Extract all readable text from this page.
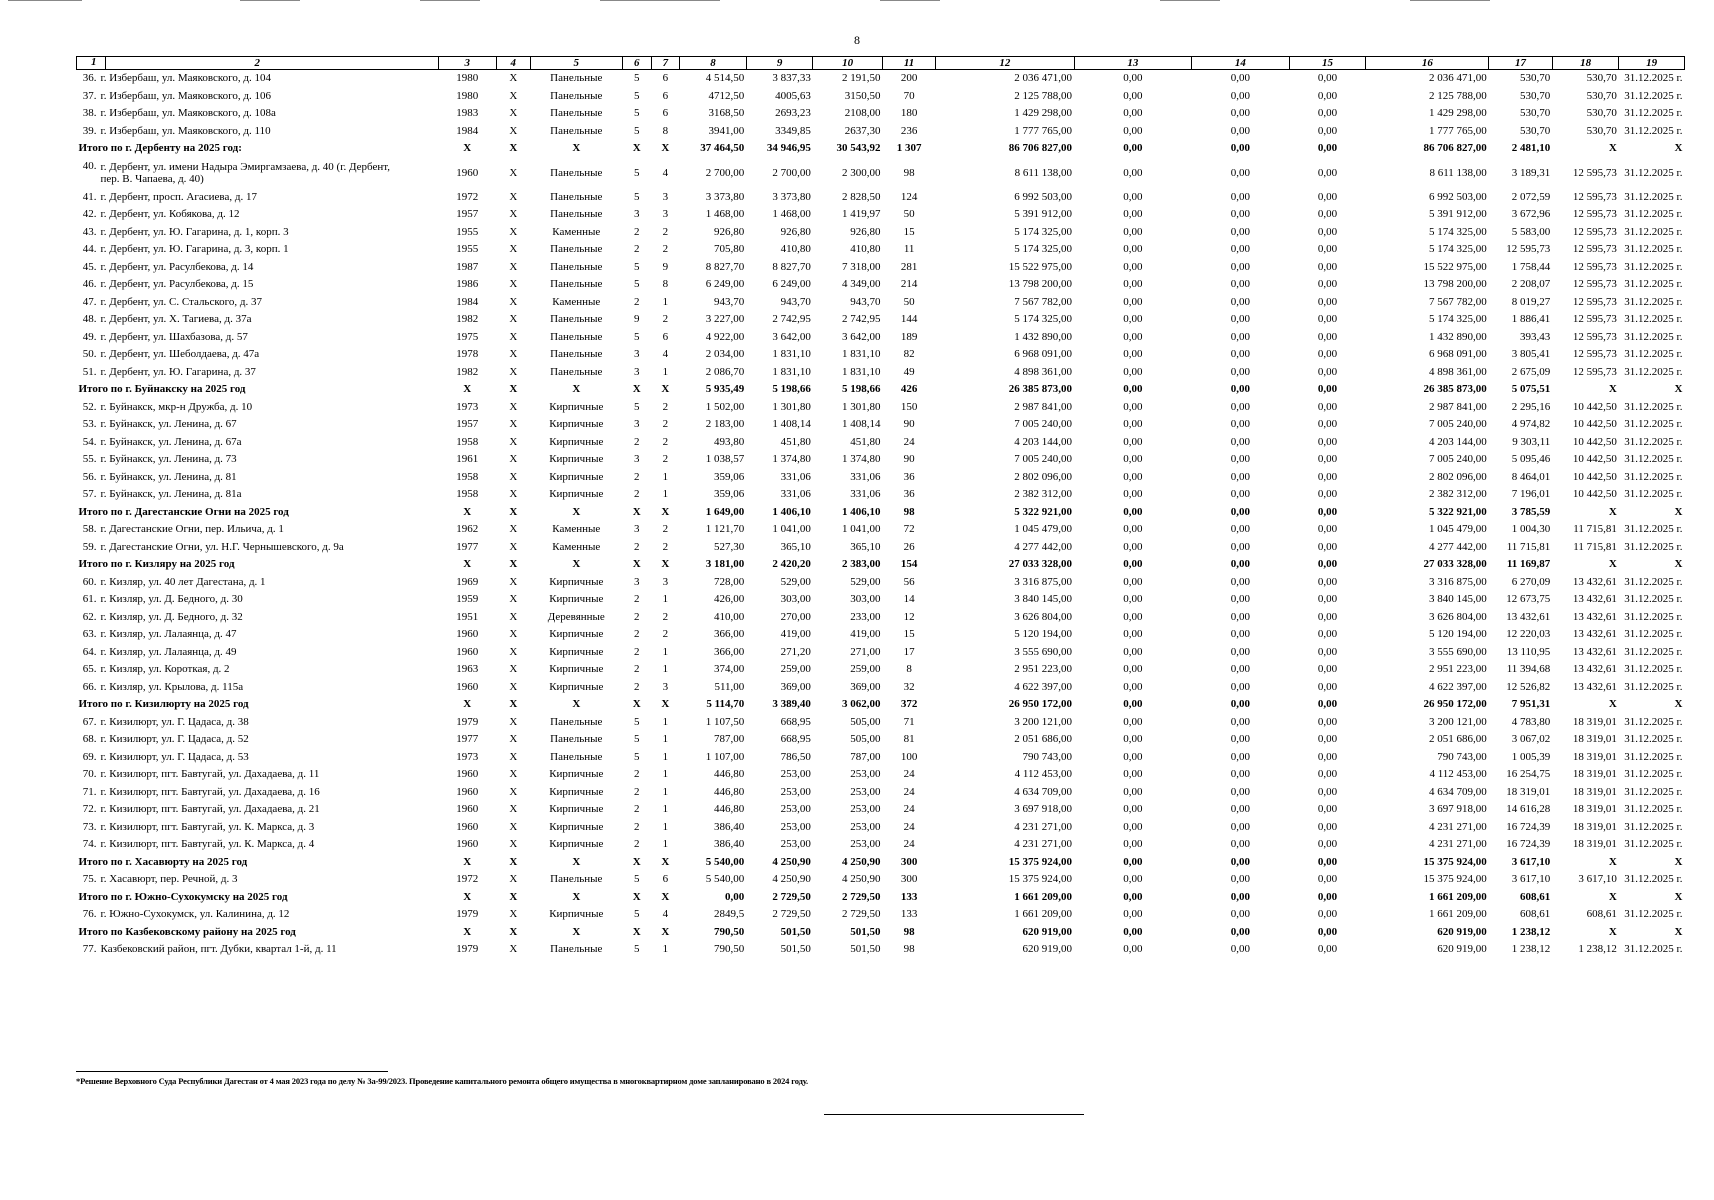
8
1 2	3	4	5	6	7	8	9	10	11	12	13	14	15	16	17	18	19
36. г. Избербаш, ул. Маяковского, д. 104	1980	X	Панельные	5	6	4 514,50	3 837,33	2 191,50	200	2 036 471,00	0,00	0,00	0,00	2 036 471,00	530,70	530,70	31.12.2025 г.
37. г. Избербаш, ул. Маяковского, д. 106	1980	X	Панельные	5	6	4712,50	4005,63	3150,50	70	2 125 788,00	0,00	0,00	0,00	2 125 788,00	530,70	530,70	31.12.2025 г.
38. г. Избербаш, ул. Маяковского, д. 108а	1983	X	Панельные	5	6	3168,50	2693,23	2108,00	180	1 429 298,00	0,00	0,00	0,00	1 429 298,00	530,70	530,70	31.12.2025 г.
39. г. Избербаш, ул. Маяковского, д. 110	1984	X	Панельные	5	8	3941,00	3349,85	2637,30	236	1 777 765,00	0,00	0,00	0,00	1 777 765,00	530,70	530,70	31.12.2025 г.
Итого по г. Дербенту на 2025 год:	X	X	X	X	X	37 464,50	34 946,95	30 543,92	1 307	86 706 827,00	0,00	0,00	0,00	86 706 827,00	2 481,10	X	X
40. г. Дербент, ул. имени Надыра Эмиргамзаева, д. 40 (г. Дербент, пер. В. Чапаева, д. 40)	1960	X	Панельные	5	4	2 700,00	2 700,00	2 300,00	98	8 611 138,00	0,00	0,00	0,00	8 611 138,00	3 189,31	12 595,73	31.12.2025 г.
41. г. Дербент, просп. Агасиева, д. 17	1972	X	Панельные	5	3	3 373,80	3 373,80	2 828,50	124	6 992 503,00	0,00	0,00	0,00	6 992 503,00	2 072,59	12 595,73	31.12.2025 г.
42. г. Дербент, ул. Кобякова, д. 12	1957	X	Панельные	3	3	1 468,00	1 468,00	1 419,97	50	5 391 912,00	0,00	0,00	0,00	5 391 912,00	3 672,96	12 595,73	31.12.2025 г.
43. г. Дербент, ул. Ю. Гагарина, д. 1, корп. 3	1955	X	Каменные	2	2	926,80	926,80	926,80	15	5 174 325,00	0,00	0,00	0,00	5 174 325,00	5 583,00	12 595,73	31.12.2025 г.
44. г. Дербент, ул. Ю. Гагарина, д. 3, корп. 1	1955	X	Панельные	2	2	705,80	410,80	410,80	11	5 174 325,00	0,00	0,00	0,00	5 174 325,00	12 595,73	12 595,73	31.12.2025 г.
45. г. Дербент, ул. Расулбекова, д. 14	1987	X	Панельные	5	9	8 827,70	8 827,70	7 318,00	281	15 522 975,00	0,00	0,00	0,00	15 522 975,00	1 758,44	12 595,73	31.12.2025 г.
46. г. Дербент, ул. Расулбекова, д. 15	1986	X	Панельные	5	8	6 249,00	6 249,00	4 349,00	214	13 798 200,00	0,00	0,00	0,00	13 798 200,00	2 208,07	12 595,73	31.12.2025 г.
47. г. Дербент, ул. С. Стальского, д. 37	1984	X	Каменные	2	1	943,70	943,70	943,70	50	7 567 782,00	0,00	0,00	0,00	7 567 782,00	8 019,27	12 595,73	31.12.2025 г.
48. г. Дербент, ул. Х. Тагиева, д. 37а	1982	X	Панельные	9	2	3 227,00	2 742,95	2 742,95	144	5 174 325,00	0,00	0,00	0,00	5 174 325,00	1 886,41	12 595,73	31.12.2025 г.
49. г. Дербент, ул. Шахбазова, д. 57	1975	X	Панельные	5	6	4 922,00	3 642,00	3 642,00	189	1 432 890,00	0,00	0,00	0,00	1 432 890,00	393,43	12 595,73	31.12.2025 г.
50. г. Дербент, ул. Шеболдаева, д. 47а	1978	X	Панельные	3	4	2 034,00	1 831,10	1 831,10	82	6 968 091,00	0,00	0,00	0,00	6 968 091,00	3 805,41	12 595,73	31.12.2025 г.
51. г. Дербент, ул. Ю. Гагарина, д. 37	1982	X	Панельные	3	1	2 086,70	1 831,10	1 831,10	49	4 898 361,00	0,00	0,00	0,00	4 898 361,00	2 675,09	12 595,73	31.12.2025 г.
Итого по г. Буйнакску на 2025 год	X	X	X	X	X	5 935,49	5 198,66	5 198,66	426	26 385 873,00	0,00	0,00	0,00	26 385 873,00	5 075,51	X	X
52. г. Буйнакск, мкр-н Дружба, д. 10	1973	X	Кирпичные	5	2	1 502,00	1 301,80	1 301,80	150	2 987 841,00	0,00	0,00	0,00	2 987 841,00	2 295,16	10 442,50	31.12.2025 г.
53. г. Буйнакск, ул. Ленина, д. 67	1957	X	Кирпичные	3	2	2 183,00	1 408,14	1 408,14	90	7 005 240,00	0,00	0,00	0,00	7 005 240,00	4 974,82	10 442,50	31.12.2025 г.
54. г. Буйнакск, ул. Ленина, д. 67а	1958	X	Кирпичные	2	2	493,80	451,80	451,80	24	4 203 144,00	0,00	0,00	0,00	4 203 144,00	9 303,11	10 442,50	31.12.2025 г.
55. г. Буйнакск, ул. Ленина, д. 73	1961	X	Кирпичные	3	2	1 038,57	1 374,80	1 374,80	90	7 005 240,00	0,00	0,00	0,00	7 005 240,00	5 095,46	10 442,50	31.12.2025 г.
56. г. Буйнакск, ул. Ленина, д. 81	1958	X	Кирпичные	2	1	359,06	331,06	331,06	36	2 802 096,00	0,00	0,00	0,00	2 802 096,00	8 464,01	10 442,50	31.12.2025 г.
57. г. Буйнакск, ул. Ленина, д. 81а	1958	X	Кирпичные	2	1	359,06	331,06	331,06	36	2 382 312,00	0,00	0,00	0,00	2 382 312,00	7 196,01	10 442,50	31.12.2025 г.
Итого по г. Дагестанские Огни на 2025 год	X	X	X	X	X	1 649,00	1 406,10	1 406,10	98	5 322 921,00	0,00	0,00	0,00	5 322 921,00	3 785,59	X	X
58. г. Дагестанские Огни, пер. Ильича, д. 1	1962	X	Каменные	3	2	1 121,70	1 041,00	1 041,00	72	1 045 479,00	0,00	0,00	0,00	1 045 479,00	1 004,30	11 715,81	31.12.2025 г.
59. г. Дагестанские Огни, ул. Н.Г. Чернышевского, д. 9а	1977	X	Каменные	2	2	527,30	365,10	365,10	26	4 277 442,00	0,00	0,00	0,00	4 277 442,00	11 715,81	11 715,81	31.12.2025 г.
Итого по г. Кизляру на 2025 год	X	X	X	X	X	3 181,00	2 420,20	2 383,00	154	27 033 328,00	0,00	0,00	0,00	27 033 328,00	11 169,87	X	X
60. г. Кизляр, ул. 40 лет Дагестана, д. 1	1969	X	Кирпичные	3	3	728,00	529,00	529,00	56	3 316 875,00	0,00	0,00	0,00	3 316 875,00	6 270,09	13 432,61	31.12.2025 г.
61. г. Кизляр, ул. Д. Бедного, д. 30	1959	X	Кирпичные	2	1	426,00	303,00	303,00	14	3 840 145,00	0,00	0,00	0,00	3 840 145,00	12 673,75	13 432,61	31.12.2025 г.
62. г. Кизляр, ул. Д. Бедного, д. 32	1951	X	Деревянные	2	2	410,00	270,00	233,00	12	3 626 804,00	0,00	0,00	0,00	3 626 804,00	13 432,61	13 432,61	31.12.2025 г.
63. г. Кизляр, ул. Лалаянца, д. 47	1960	X	Кирпичные	2	2	366,00	419,00	419,00	15	5 120 194,00	0,00	0,00	0,00	5 120 194,00	12 220,03	13 432,61	31.12.2025 г.
64. г. Кизляр, ул. Лалаянца, д. 49	1960	X	Кирпичные	2	1	366,00	271,20	271,00	17	3 555 690,00	0,00	0,00	0,00	3 555 690,00	13 110,95	13 432,61	31.12.2025 г.
65. г. Кизляр, ул. Короткая, д. 2	1963	X	Кирпичные	2	1	374,00	259,00	259,00	8	2 951 223,00	0,00	0,00	0,00	2 951 223,00	11 394,68	13 432,61	31.12.2025 г.
66. г. Кизляр, ул. Крылова, д. 115а	1960	X	Кирпичные	2	3	511,00	369,00	369,00	32	4 622 397,00	0,00	0,00	0,00	4 622 397,00	12 526,82	13 432,61	31.12.2025 г.
Итого по г. Кизилюрту на 2025 год	X	X	X	X	X	5 114,70	3 389,40	3 062,00	372	26 950 172,00	0,00	0,00	0,00	26 950 172,00	7 951,31	X	X
67. г. Кизилюрт, ул. Г. Цадаса, д. 38	1979	X	Панельные	5	1	1 107,50	668,95	505,00	71	3 200 121,00	0,00	0,00	0,00	3 200 121,00	4 783,80	18 319,01	31.12.2025 г.
68. г. Кизилюрт, ул. Г. Цадаса, д. 52	1977	X	Панельные	5	1	787,00	668,95	505,00	81	2 051 686,00	0,00	0,00	0,00	2 051 686,00	3 067,02	18 319,01	31.12.2025 г.
69. г. Кизилюрт, ул. Г. Цадаса, д. 53	1973	X	Панельные	5	1	1 107,00	786,50	787,00	100	790 743,00	0,00	0,00	0,00	790 743,00	1 005,39	18 319,01	31.12.2025 г.
70. г. Кизилюрт, пгт. Бавтугай, ул. Дахадаева, д. 11	1960	X	Кирпичные	2	1	446,80	253,00	253,00	24	4 112 453,00	0,00	0,00	0,00	4 112 453,00	16 254,75	18 319,01	31.12.2025 г.
71. г. Кизилюрт, пгт. Бавтугай, ул. Дахадаева, д. 16	1960	X	Кирпичные	2	1	446,80	253,00	253,00	24	4 634 709,00	0,00	0,00	0,00	4 634 709,00	18 319,01	18 319,01	31.12.2025 г.
72. г. Кизилюрт, пгт. Бавтугай, ул. Дахадаева, д. 21	1960	X	Кирпичные	2	1	446,80	253,00	253,00	24	3 697 918,00	0,00	0,00	0,00	3 697 918,00	14 616,28	18 319,01	31.12.2025 г.
73. г. Кизилюрт, пгт. Бавтугай, ул. К. Маркса, д. 3	1960	X	Кирпичные	2	1	386,40	253,00	253,00	24	4 231 271,00	0,00	0,00	0,00	4 231 271,00	16 724,39	18 319,01	31.12.2025 г.
74. г. Кизилюрт, пгт. Бавтугай, ул. К. Маркса, д. 4	1960	X	Кирпичные	2	1	386,40	253,00	253,00	24	4 231 271,00	0,00	0,00	0,00	4 231 271,00	16 724,39	18 319,01	31.12.2025 г.
Итого по г. Хасавюрту на 2025 год	X	X	X	X	X	5 540,00	4 250,90	4 250,90	300	15 375 924,00	0,00	0,00	0,00	15 375 924,00	3 617,10	X	X
75. г. Хасавюрт, пер. Речной, д. 3	1972	X	Панельные	5	6	5 540,00	4 250,90	4 250,90	300	15 375 924,00	0,00	0,00	0,00	15 375 924,00	3 617,10	3 617,10	31.12.2025 г.
Итого по г. Южно-Сухокумску на 2025 год	X	X	X	X	X	0,00	2 729,50	2 729,50	133	1 661 209,00	0,00	0,00	0,00	1 661 209,00	608,61	X	X
76. г. Южно-Сухокумск, ул. Калинина, д. 12	1979	X	Кирпичные	5	4	2849,5	2 729,50	2 729,50	133	1 661 209,00	0,00	0,00	0,00	1 661 209,00	608,61	608,61	31.12.2025 г.
Итого по Казбековскому району на 2025 год	X	X	X	X	X	790,50	501,50	501,50	98	620 919,00	0,00	0,00	0,00	620 919,00	1 238,12	X	X
77. Казбековский район, пгт. Дубки, квартал 1-й, д. 11	1979	X	Панельные	5	1	790,50	501,50	501,50	98	620 919,00	0,00	0,00	0,00	620 919,00	1 238,12	1 238,12	31.12.2025 г.
*Решение Верховного Суда Республики Дагестан от 4 мая 2023 года по делу № 3а-99/2023. Проведение капитального ремонта общего имущества в многоквартирном доме запланировано в 2024 году.
